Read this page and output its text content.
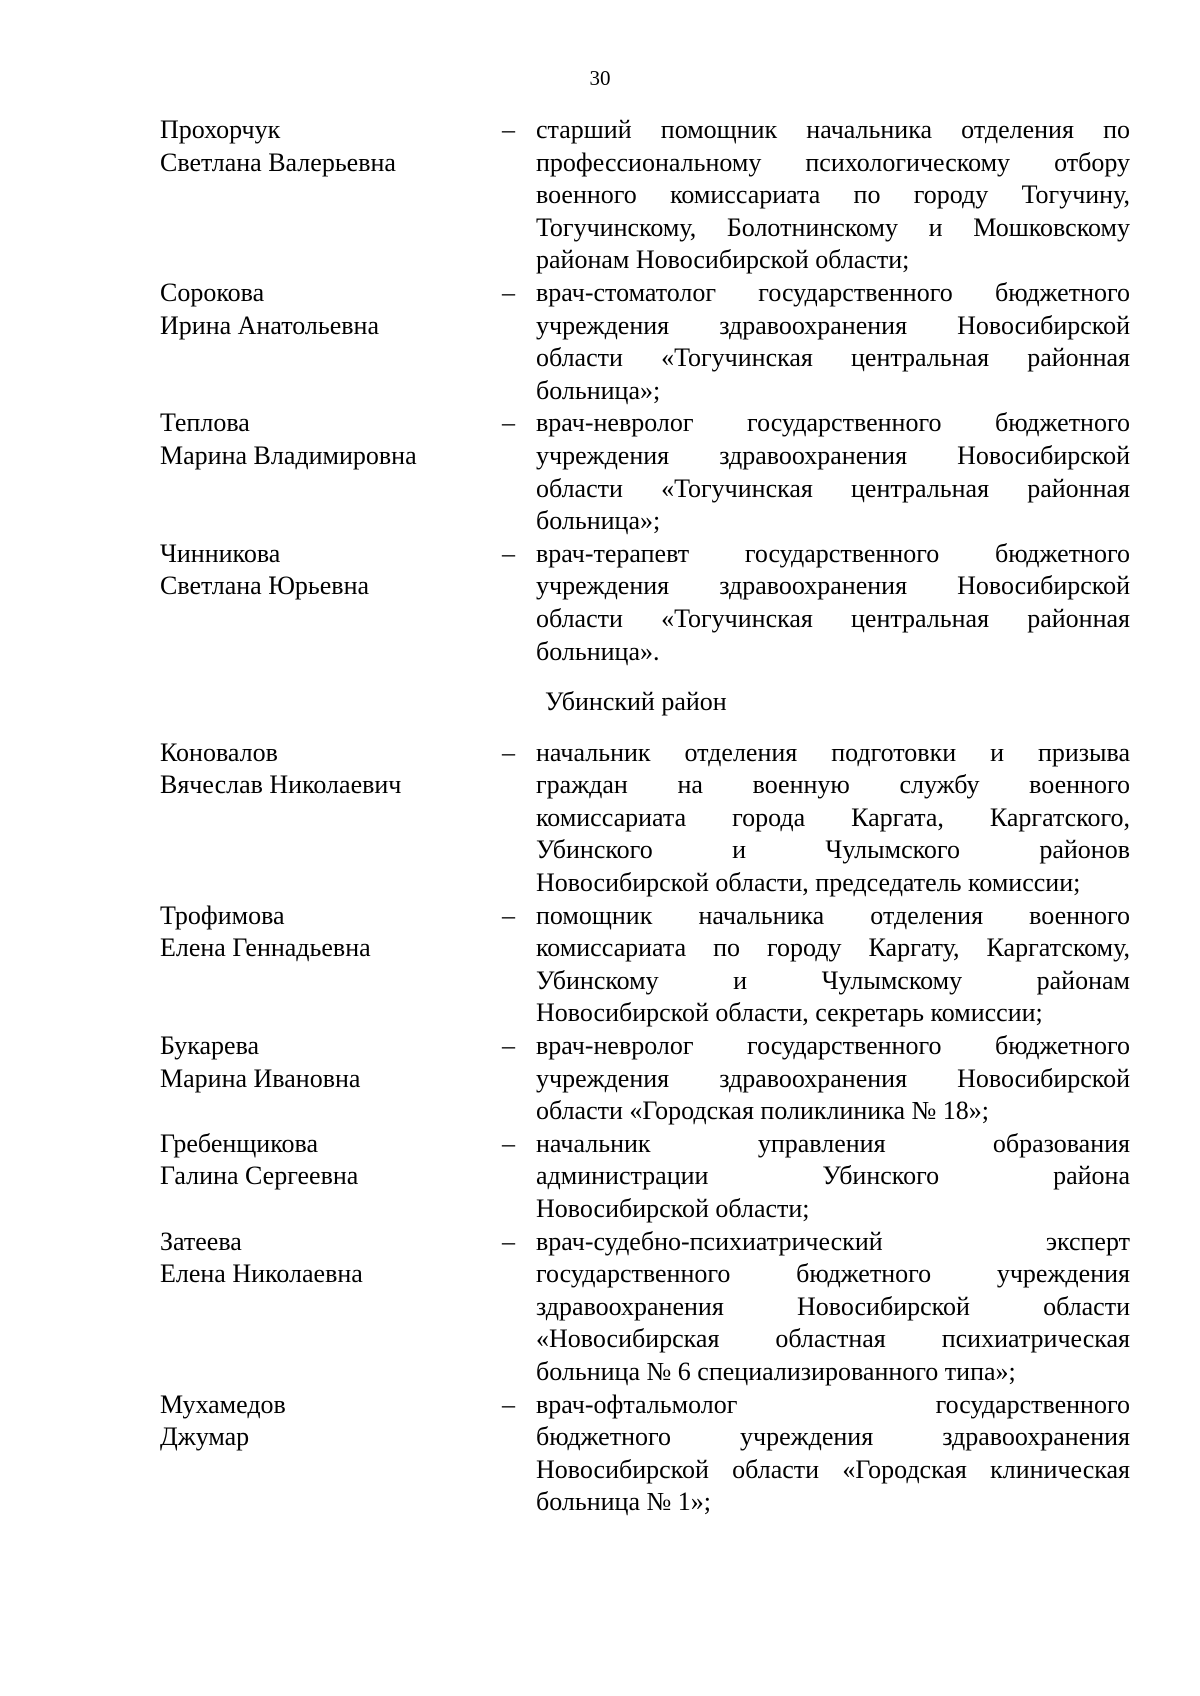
30
Прохорчук
Светлана Валерьевна
– старший помощник начальника отделения по
профессиональному психологическому отбору
военного комиссариата по городу Тогучину,
Тогучинскому, Болотнинскому и Мошковскому
районам Новосибирской области;
Сорокова
Ирина Анатольевна
– врач-стоматолог государственного бюджетного
учреждения здравоохранения Новосибирской
области «Тогучинская центральная районная
больница»;
Теплова
Марина Владимировна
– врач-невролог государственного бюджетного
учреждения здравоохранения Новосибирской
области «Тогучинская центральная районная
больница»;
Чинникова
Светлана Юрьевна
– врач-терапевт государственного бюджетного
учреждения здравоохранения Новосибирской
области «Тогучинская центральная районная
больница».
Убинский район
Коновалов
Вячеслав Николаевич
– начальник отделения подготовки и призыва
граждан на военную службу военного
комиссариата города Каргата, Каргатского,
Убинского и Чулымского районов
Новосибирской области, председатель комиссии;
Трофимова
Елена Геннадьевна
– помощник начальника отделения военного
комиссариата по городу Каргату, Каргатскому,
Убинскому и Чулымскому районам
Новосибирской области, секретарь комиссии;
Букарева
Марина Ивановна
– врач-невролог государственного бюджетного
учреждения здравоохранения Новосибирской
области «Городская поликлиника № 18»;
Гребенщикова
Галина Сергеевна
– начальник управления образования
администрации Убинского района
Новосибирской области;
Затеева
Елена Николаевна
– врач-судебно-психиатрический эксперт
государственного бюджетного учреждения
здравоохранения Новосибирской области
«Новосибирская областная психиатрическая
больница № 6 специализированного типа»;
Мухамедов
Джумар
– врач-офтальмолог государственного
бюджетного учреждения здравоохранения
Новосибирской области «Городская клиническая
больница № 1»;
